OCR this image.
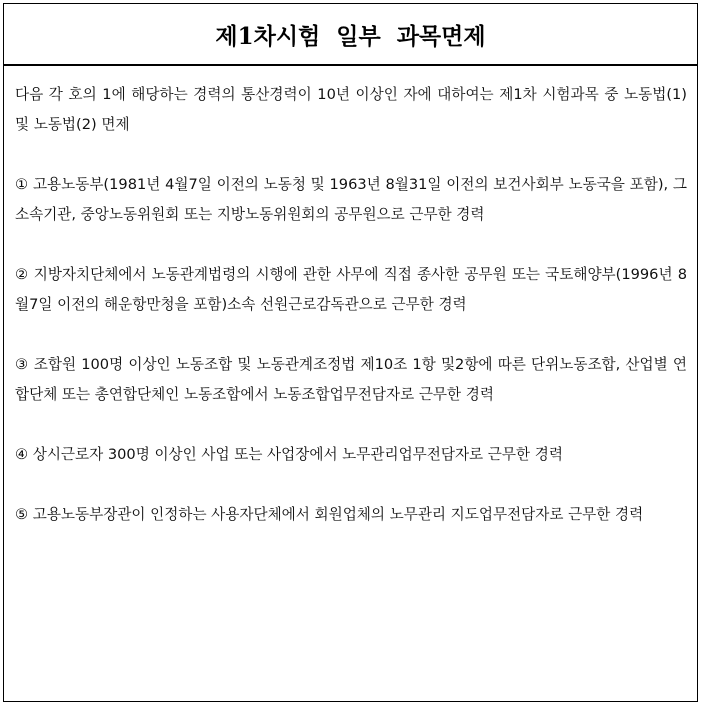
제1차시험 일부 과목면제

다음 각 호의 1에 해당하는 경력의 통산경력이 10년 이상인 자에 대하여는 제1차 시험과목 중 노동법(1) 및 노동법(2) 면제

① 고용노동부(1981년 4월7일 이전의 노동청 및 1963년 8월31일 이전의 보건사회부 노동국을 포함), 그 소속기관, 중앙노동위원회 또는 지방노동위원회의 공무원으로 근무한 경력

② 지방자치단체에서 노동관계법령의 시행에 관한 사무에 직접 종사한 공무원 또는 국토해양부(1996년 8월7일 이전의 해운항만청을 포함)소속 선원근로감독관으로 근무한 경력

③ 조합원 100명 이상인 노동조합 및 노동관계조정법 제10조 1항 및2항에 따른 단위노동조합, 산업별 연합단체 또는 총연합단체인 노동조합에서 노동조합업무전담자로 근무한 경력

④ 상시근로자 300명 이상인 사업 또는 사업장에서 노무관리업무전담자로 근무한 경력

⑤ 고용노동부장관이 인정하는 사용자단체에서 회원업체의 노무관리 지도업무전담자로 근무한 경력
